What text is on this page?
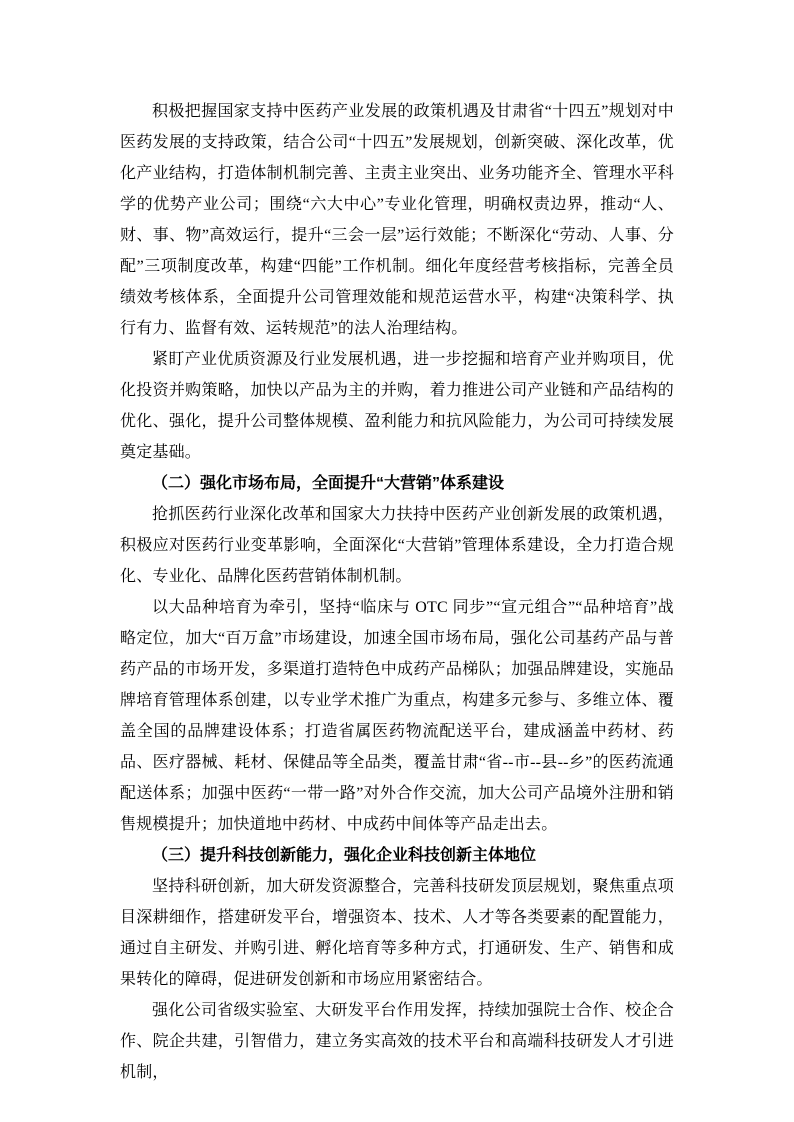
积极把握国家支持中医药产业发展的政策机遇及甘肃省“十四五”规划对中医药发展的支持政策，结合公司“十四五”发展规划，创新突破、深化改革，优化产业结构，打造体制机制完善、主责主业突出、业务功能齐全、管理水平科学的优势产业公司；围绕“六大中心”专业化管理，明确权责边界，推动“人、财、事、物”高效运行，提升“三会一层”运行效能；不断深化“劳动、人事、分配”三项制度改革，构建“四能”工作机制。细化年度经营考核指标，完善全员绩效考核体系，全面提升公司管理效能和规范运营水平，构建“决策科学、执行有力、监督有效、运转规范”的法人治理结构。

紧盯产业优质资源及行业发展机遇，进一步挖掘和培育产业并购项目，优化投资并购策略，加快以产品为主的并购，着力推进公司产业链和产品结构的优化、强化，提升公司整体规模、盈利能力和抗风险能力，为公司可持续发展奠定基础。

（二）强化市场布局，全面提升“大营销”体系建设

抢抓医药行业深化改革和国家大力扶持中医药产业创新发展的政策机遇，积极应对医药行业变革影响，全面深化“大营销”管理体系建设，全力打造合规化、专业化、品牌化医药营销体制机制。

以大品种培育为牵引，坚持“临床与 OTC 同步”“宣元组合”“品种培育”战略定位，加大“百万盒”市场建设，加速全国市场布局，强化公司基药产品与普药产品的市场开发，多渠道打造特色中成药产品梯队；加强品牌建设，实施品牌培育管理体系创建，以专业学术推广为重点，构建多元参与、多维立体、覆盖全国的品牌建设体系；打造省属医药物流配送平台，建成涵盖中药材、药品、医疗器械、耗材、保健品等全品类，覆盖甘肃“省--市--县--乡”的医药流通配送体系；加强中医药“一带一路”对外合作交流，加大公司产品境外注册和销售规模提升；加快道地中药材、中成药中间体等产品走出去。

（三）提升科技创新能力，强化企业科技创新主体地位

坚持科研创新，加大研发资源整合，完善科技研发顶层规划，聚焦重点项目深耕细作，搭建研发平台，增强资本、技术、人才等各类要素的配置能力，通过自主研发、并购引进、孵化培育等多种方式，打通研发、生产、销售和成果转化的障碍，促进研发创新和市场应用紧密结合。

强化公司省级实验室、大研发平台作用发挥，持续加强院士合作、校企合作、院企共建，引智借力，建立务实高效的技术平台和高端科技研发人才引进机制，
